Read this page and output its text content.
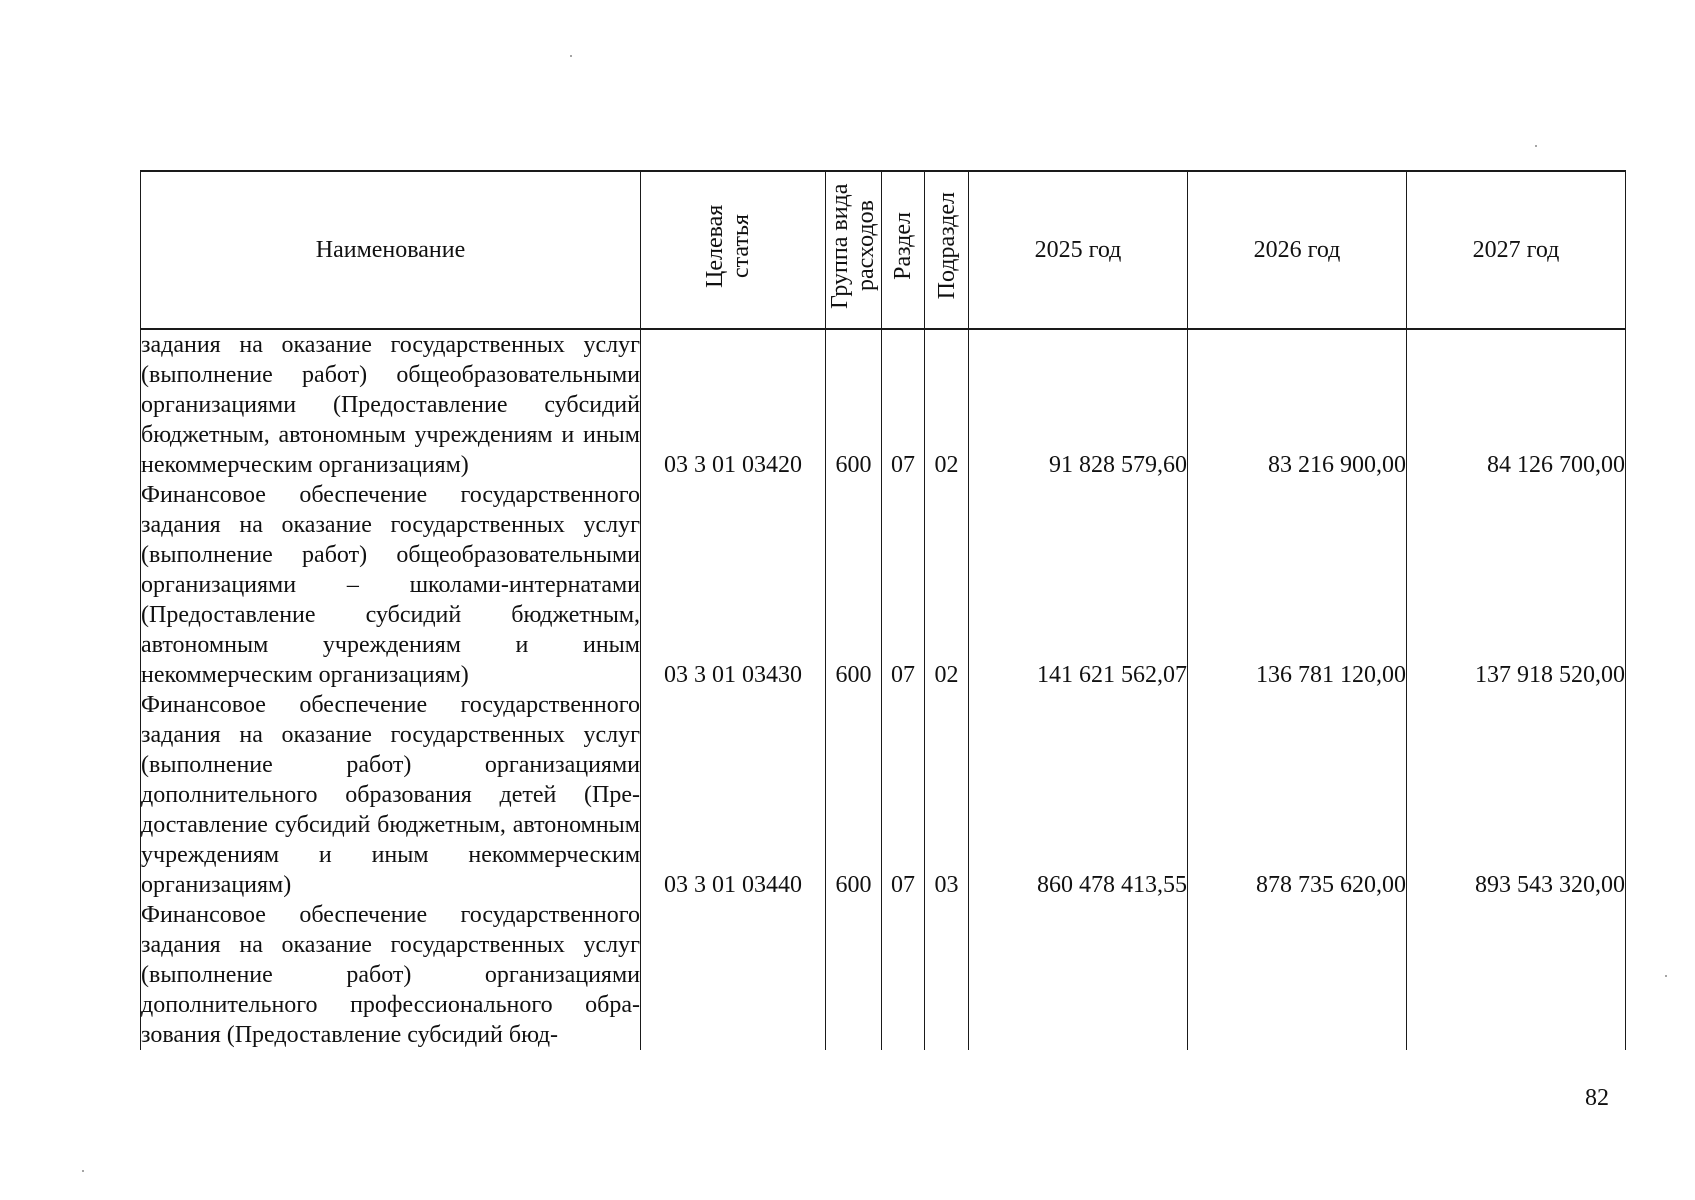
Наименование	Целевая статья	Группа вида расходов	Раздел	Подраздел	2025 год	2026 год	2027 год
задания на оказание государственных услуг (выполнение работ) общеобразовательными организациями (Предоставление субсидий бюджетным, автономным учреждениям и иным некоммерческим организациям)	03 3 01 03420	600	07	02	91 828 579,60	83 216 900,00	84 126 700,00
Финансовое обеспечение государственного задания на оказание государственных услуг (выполнение работ) общеобразовательными организациями – школами-интернатами (Предоставление субсидий бюджетным, автономным учреждениям и иным некоммерческим организациям)	03 3 01 03430	600	07	02	141 621 562,07	136 781 120,00	137 918 520,00
Финансовое обеспечение государственного задания на оказание государственных услуг (выполнение работ) организациями дополнительного образования детей (Предоставление субсидий бюджетным, автономным учреждениям и иным некоммерческим организациям)	03 3 01 03440	600	07	03	860 478 413,55	878 735 620,00	893 543 320,00
Финансовое обеспечение государственного задания на оказание государственных услуг (выполнение работ) организациями дополнительного профессионального образования (Предоставление субсидий бюд-							
82
